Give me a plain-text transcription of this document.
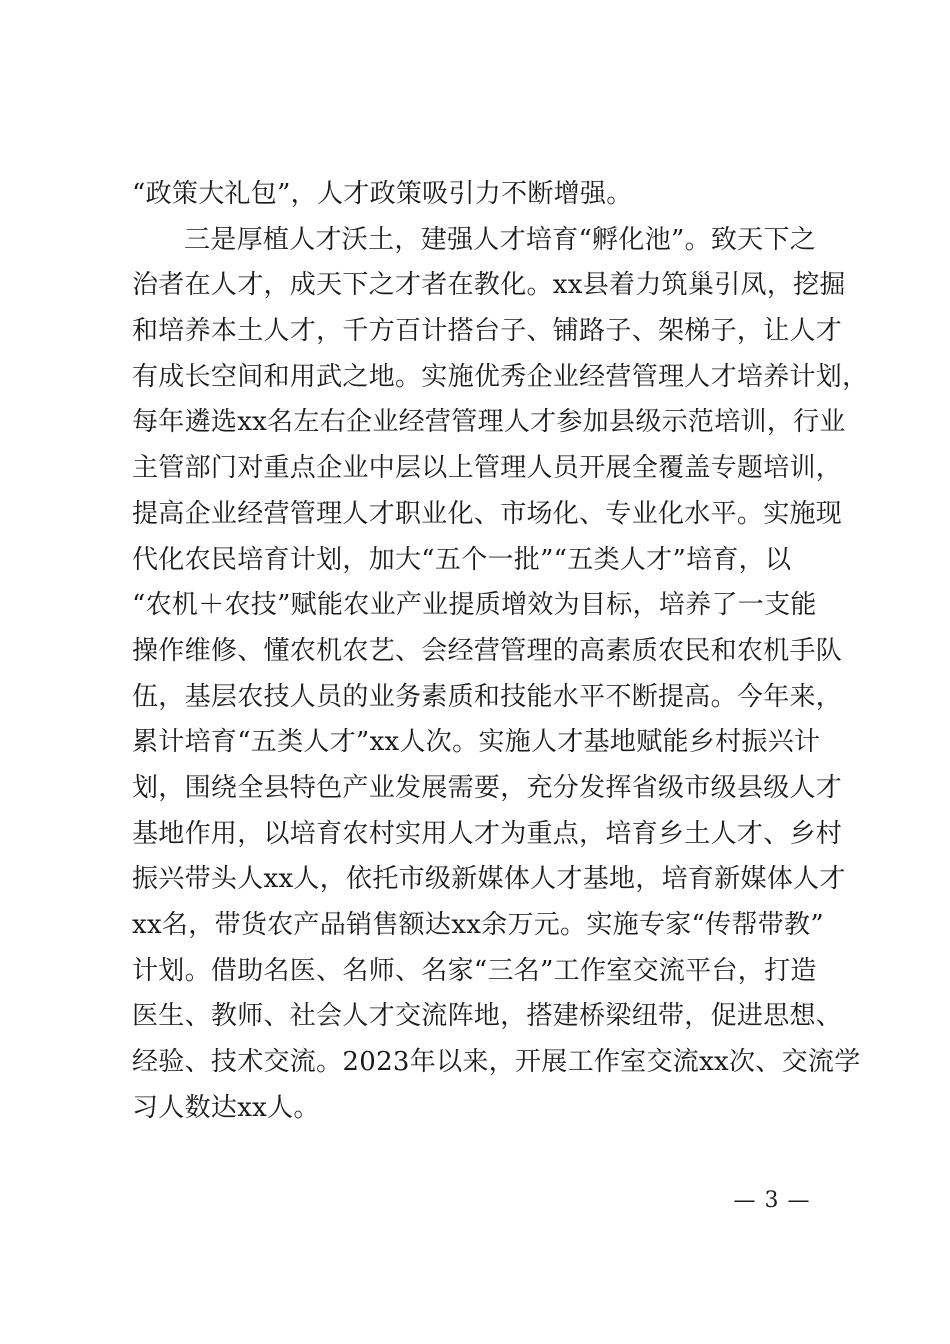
“政策大礼包”，人才政策吸引力不断增强。
三是厚植人才沃土，建强人才培育“孵化池”。致天下之
治者在人才，成天下之才者在教化。xx县着力筑巢引凤，挖掘
和培养本土人才，千方百计搭台子、铺路子、架梯子，让人才
有成长空间和用武之地。实施优秀企业经营管理人才培养计划，
每年遴选xx名左右企业经营管理人才参加县级示范培训，行业
主管部门对重点企业中层以上管理人员开展全覆盖专题培训，
提高企业经营管理人才职业化、市场化、专业化水平。实施现
代化农民培育计划，加大“五个一批”“五类人才”培育，以
“农机＋农技”赋能农业产业提质增效为目标，培养了一支能
操作维修、懂农机农艺、会经营管理的高素质农民和农机手队
伍，基层农技人员的业务素质和技能水平不断提高。今年来，
累计培育“五类人才”xx人次。实施人才基地赋能乡村振兴计
划，围绕全县特色产业发展需要，充分发挥省级市级县级人才
基地作用，以培育农村实用人才为重点，培育乡土人才、乡村
振兴带头人xx人，依托市级新媒体人才基地，培育新媒体人才
xx名，带货农产品销售额达xx余万元。实施专家“传帮带教”
计划。借助名医、名师、名家“三名”工作室交流平台，打造
医生、教师、社会人才交流阵地，搭建桥梁纽带，促进思想、
经验、技术交流。2023年以来，开展工作室交流xx次、交流学
习人数达xx人。
— 3 —
